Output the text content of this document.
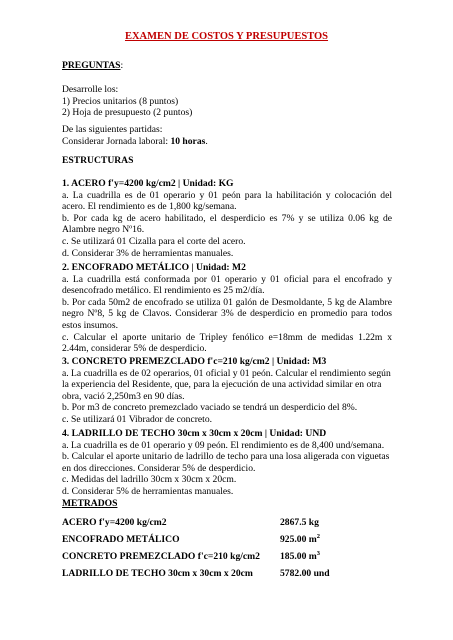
EXAMEN DE COSTOS Y PRESUPUESTOS

PREGUNTAS:

Desarrolle los:

1) Precios unitarios (8 puntos)

2) Hoja de presupuesto (2 puntos)

De las siguientes partidas:

Considerar Jornada laboral: 10 horas.

ESTRUCTURAS

1. ACERO f'y=4200 kg/cm2 | Unidad: KG

a. La cuadrilla es de 01 operario y 01 peón para la habilitación y colocación del acero. El rendimiento es de 1,800 kg/semana.

b. Por cada kg de acero habilitado, el desperdicio es 7% y se utiliza 0.06 kg de Alambre negro Nº16.

c. Se utilizará 01 Cizalla para el corte del acero.

d. Considerar 3% de herramientas manuales.

2. ENCOFRADO METÁLICO | Unidad: M2

a. La cuadrilla está conformada por 01 operario y 01 oficial para el encofrado y desencofrado metálico. El rendimiento es 25 m2/día.

b. Por cada 50m2 de encofrado se utiliza 01 galón de Desmoldante, 5 kg de Alambre negro Nº8, 5 kg de Clavos. Considerar 3% de desperdicio en promedio para todos estos insumos.

c. Calcular el aporte unitario de Tripley fenólico e=18mm de medidas 1.22m x 2.44m, considerar 5% de desperdicio.

3. CONCRETO PREMEZCLADO f'c=210 kg/cm2 | Unidad: M3

a. La cuadrilla es de 02 operarios, 01 oficial y 01 peón. Calcular el rendimiento según la experiencia del Residente, que, para la ejecución de una actividad similar en otra obra, vació 2,250m3 en 90 días.

b. Por m3 de concreto premezclado vaciado se tendrá un desperdicio del 8%.

c. Se utilizará 01 Vibrador de concreto.

4. LADRILLO DE TECHO 30cm x 30cm x 20cm | Unidad: UND

a. La cuadrilla es de 01 operario y 09 peón. El rendimiento es de 8,400 und/semana.

b. Calcular el aporte unitario de ladrillo de techo para una losa aligerada con viguetas en dos direcciones. Considerar 5% de desperdicio.

c. Medidas del ladrillo 30cm x 30cm x 20cm.

d. Considerar 5% de herramientas manuales.

METRADOS
ACERO f'y=4200 kg/cm2	2867.5 kg
ENCOFRADO METÁLICO	925.00 $m^2$
CONCRETO PREMEZCLADO f'c=210 kg/cm2 185.00 $m^3$
LADRILLO DE TECHO 30cm x 30cm x 20cm	5782.00 und
